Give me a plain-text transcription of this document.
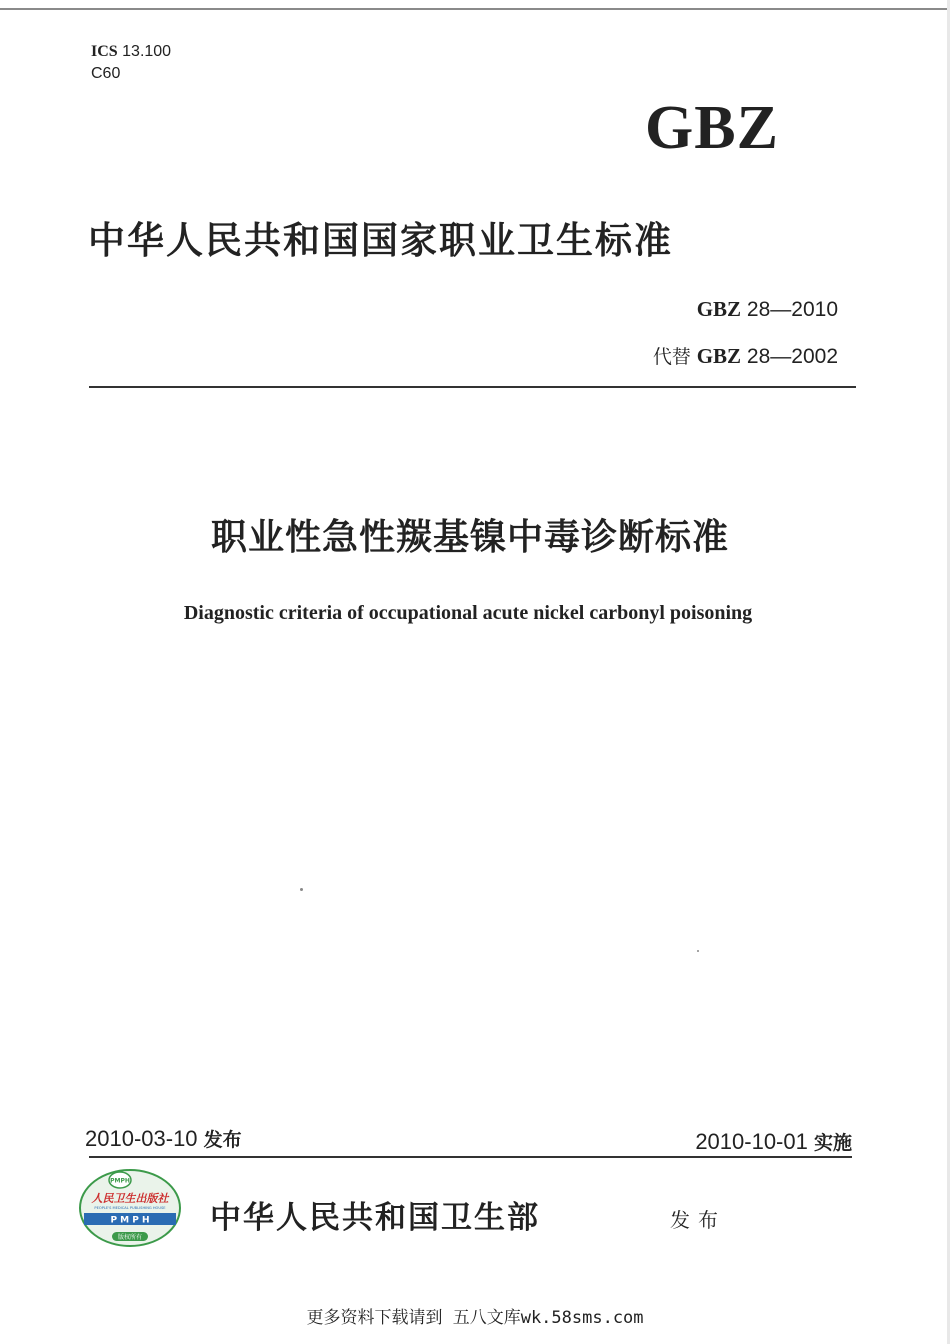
ICS 13.100
C60
GBZ
中华人民共和国国家职业卫生标准
GBZ 28—2010
代替 GBZ 28—2002
职业性急性羰基镍中毒诊断标准
Diagnostic criteria of occupational acute nickel carbonyl poisoning
2010-03-10 发布	2010-10-01 实施
PMPH
人民卫生出版社
PEOPLE'S MEDICAL PUBLISHING HOUSE
P M P H
版权所有
中华人民共和国卫生部	发布
更多资料下载请到 五八文库wk.58sms.com
